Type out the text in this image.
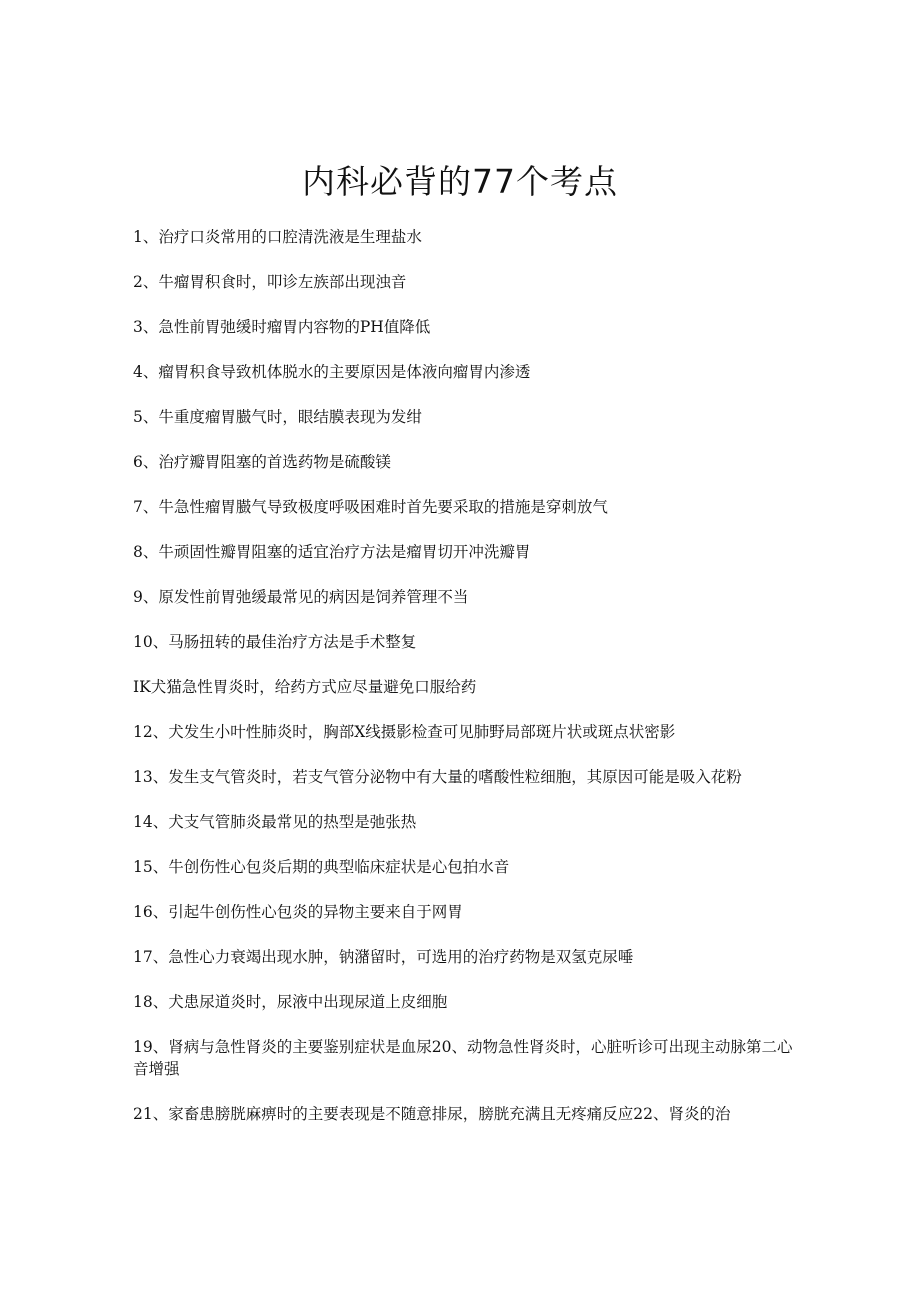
内科必背的77个考点
1、治疗口炎常用的口腔清洗液是生理盐水
2、牛瘤胃积食时，叩诊左族部出现浊音
3、急性前胃弛缓时瘤胃内容物的PH值降低
4、瘤胃积食导致机体脱水的主要原因是体液向瘤胃内渗透
5、牛重度瘤胃臌气时，眼结膜表现为发绀
6、治疗瓣胃阻塞的首选药物是硫酸镁
7、牛急性瘤胃臌气导致极度呼吸困难时首先要采取的措施是穿刺放气
8、牛顽固性瓣胃阻塞的适宜治疗方法是瘤胃切开冲洗瓣胃
9、原发性前胃弛缓最常见的病因是饲养管理不当
10、马肠扭转的最佳治疗方法是手术整复
IK犬猫急性胃炎时，给药方式应尽量避免口服给药
12、犬发生小叶性肺炎时，胸部X线摄影检查可见肺野局部斑片状或斑点状密影
13、发生支气管炎时，若支气管分泌物中有大量的嗜酸性粒细胞，其原因可能是吸入花粉
14、犬支气管肺炎最常见的热型是弛张热
15、牛创伤性心包炎后期的典型临床症状是心包拍水音
16、引起牛创伤性心包炎的异物主要来自于网胃
17、急性心力衰竭出现水肿，钠潴留时，可选用的治疗药物是双氢克尿唾
18、犬患尿道炎时，尿液中出现尿道上皮细胞
19、肾病与急性肾炎的主要鉴别症状是血尿20、动物急性肾炎时，心脏听诊可出现主动脉第二心音增强
21、家畜患膀胱麻痹时的主要表现是不随意排尿，膀胱充满且无疼痛反应22、肾炎的治
